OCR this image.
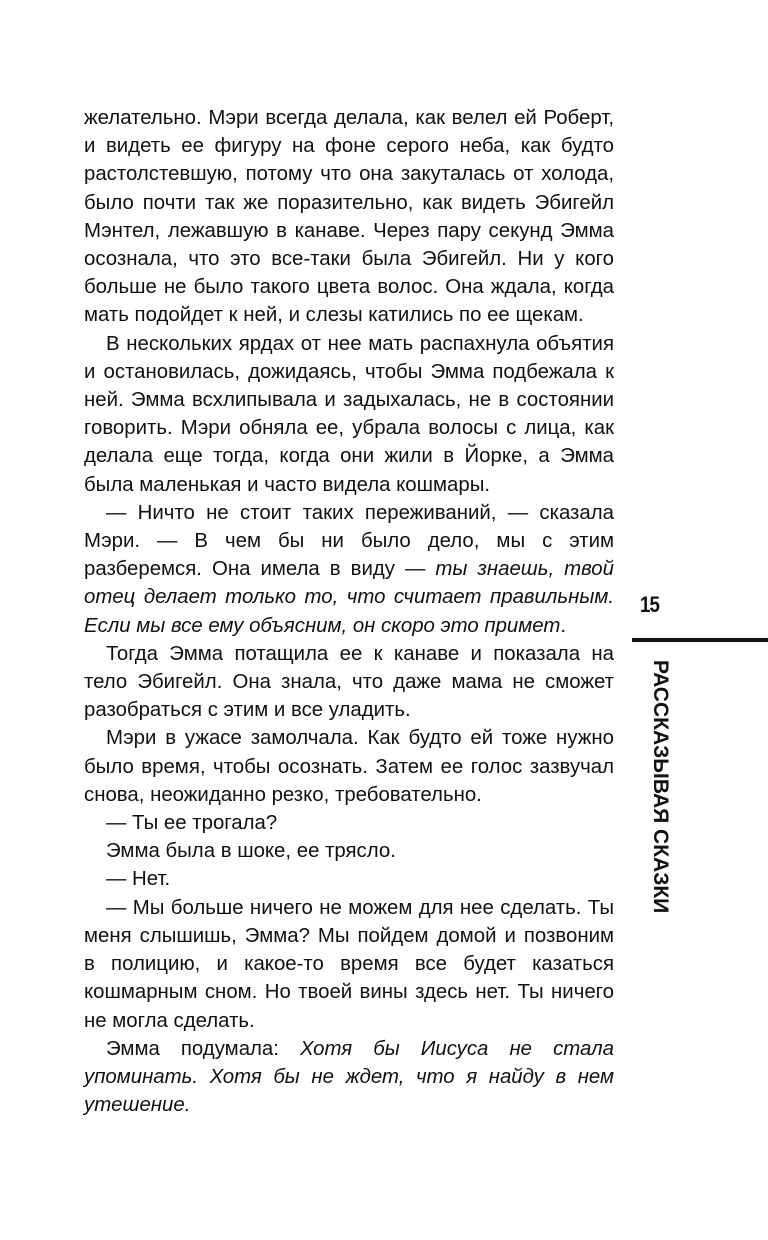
желательно. Мэри всегда делала, как велел ей Роберт, и видеть ее фигуру на фоне серого неба, как будто растолстевшую, потому что она закуталась от холода, было почти так же поразительно, как видеть Эбигейл Мэнтел, лежавшую в канаве. Через пару секунд Эмма осознала, что это все-таки была Эбигейл. Ни у кого больше не было такого цвета волос. Она ждала, когда мать подойдет к ней, и слезы катились по ее щекам.

В нескольких ярдах от нее мать распахнула объятия и остановилась, дожидаясь, чтобы Эмма подбежала к ней. Эмма всхлипывала и задыхалась, не в состоянии говорить. Мэри обняла ее, убрала волосы с лица, как делала еще тогда, когда они жили в Йорке, а Эмма была маленькая и часто видела кошмары.

— Ничто не стоит таких переживаний, — сказала Мэри. — В чем бы ни было дело, мы с этим разберемся. Она имела в виду — ты знаешь, твой отец делает только то, что считает правильным. Если мы все ему объясним, он скоро это примет.

Тогда Эмма потащила ее к канаве и показала на тело Эбигейл. Она знала, что даже мама не сможет разобраться с этим и все уладить.

Мэри в ужасе замолчала. Как будто ей тоже нужно было время, чтобы осознать. Затем ее голос зазвучал снова, неожиданно резко, требовательно.

— Ты ее трогала?

Эмма была в шоке, ее трясло.

— Нет.

— Мы больше ничего не можем для нее сделать. Ты меня слышишь, Эмма? Мы пойдем домой и позвоним в полицию, и какое-то время все будет казаться кошмарным сном. Но твоей вины здесь нет. Ты ничего не могла сделать.

Эмма подумала: Хотя бы Иисуса не стала упоминать. Хотя бы не ждет, что я найду в нем утешение.

15
РАССКАЗЫВАЯ СКАЗКИ
